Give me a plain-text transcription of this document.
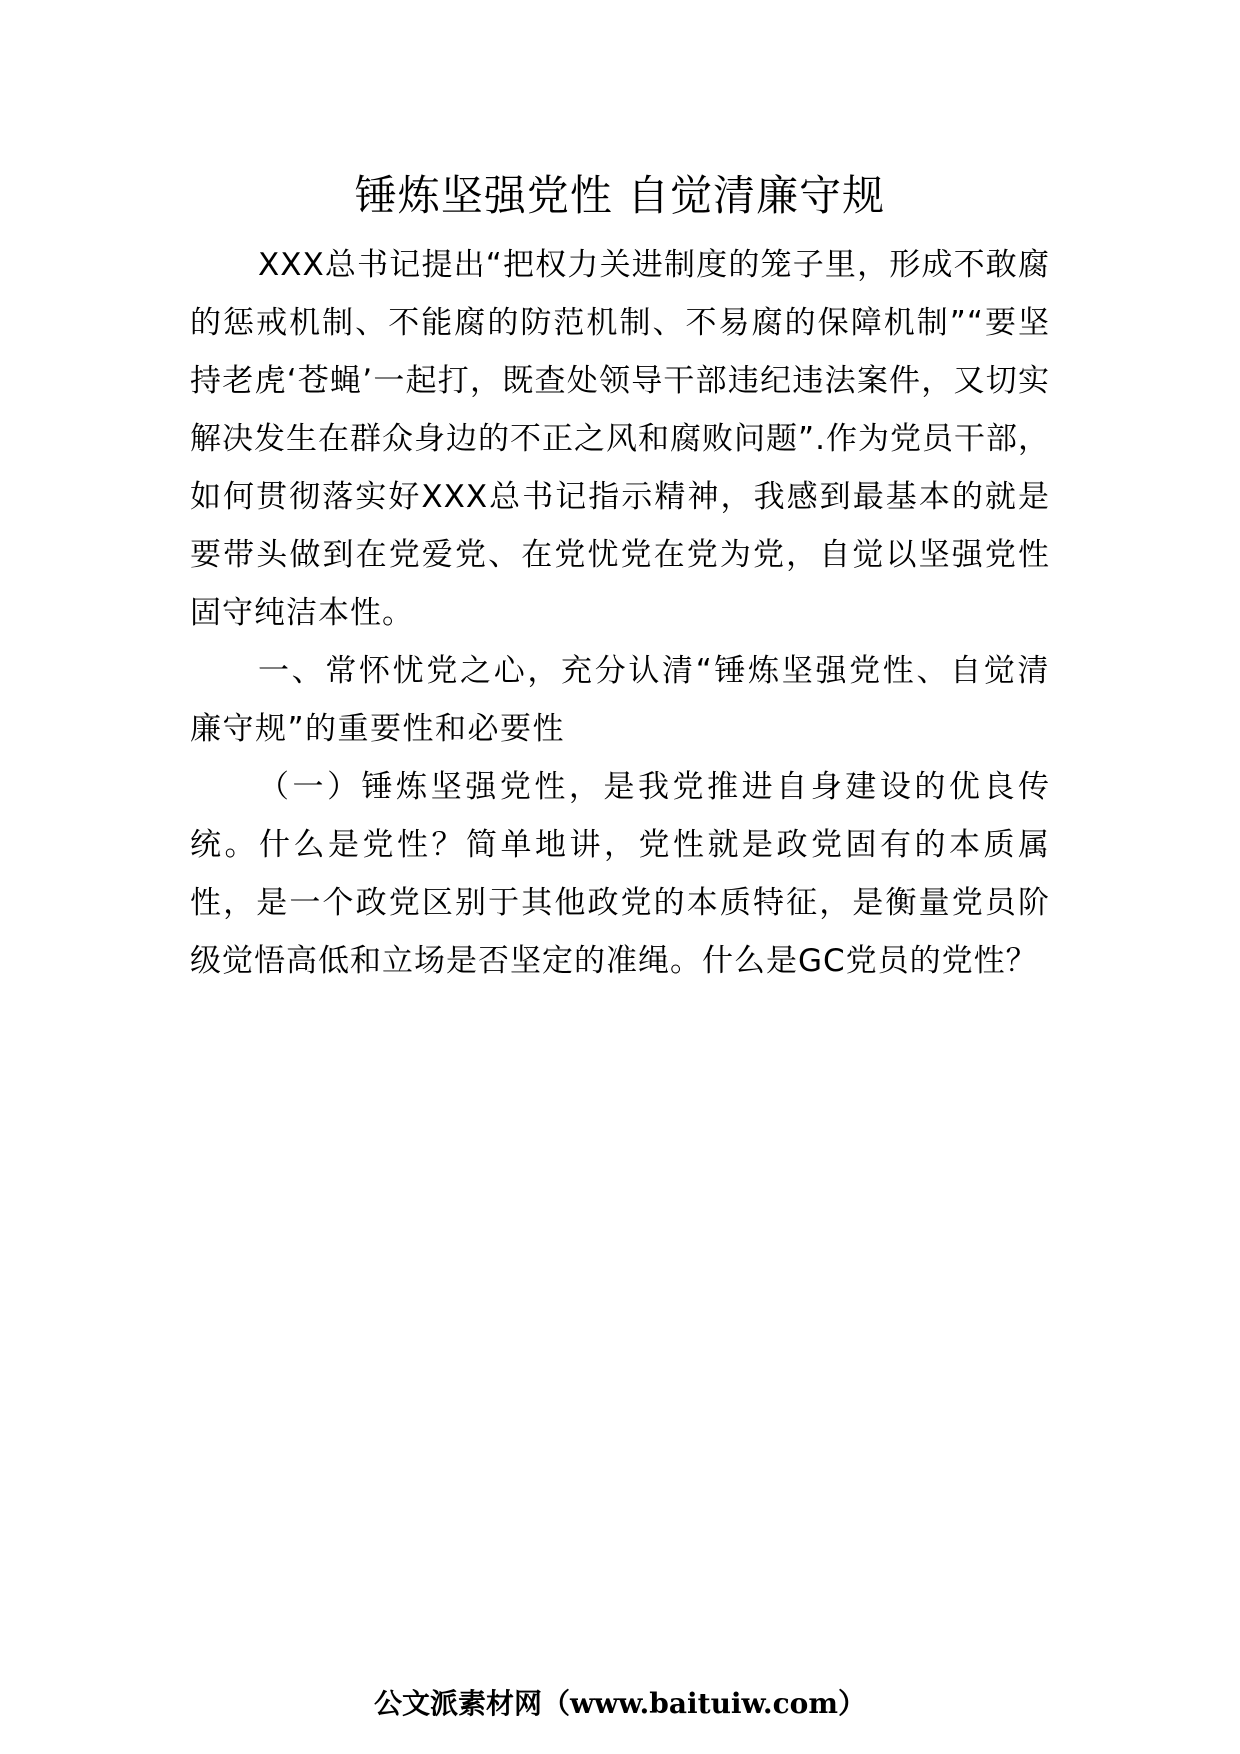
锤炼坚强党性 自觉清廉守规

XXX总书记提出“把权力关进制度的笼子里，形成不敢腐的惩戒机制、不能腐的防范机制、不易腐的保障机制”“要坚持老虎‘苍蝇’一起打，既查处领导干部违纪违法案件，又切实解决发生在群众身边的不正之风和腐败问题”.作为党员干部，如何贯彻落实好XXX总书记指示精神，我感到最基本的就是要带头做到在党爱党、在党忧党在党为党，自觉以坚强党性固守纯洁本性。

一、常怀忧党之心，充分认清“锤炼坚强党性、自觉清廉守规”的重要性和必要性

（一）锤炼坚强党性，是我党推进自身建设的优良传统。什么是党性？简单地讲，党性就是政党固有的本质属性，是一个政党区别于其他政党的本质特征，是衡量党员阶级觉悟高低和立场是否坚定的准绳。什么是GC党员的党性？

公文派素材网（www.baituiw.com）
